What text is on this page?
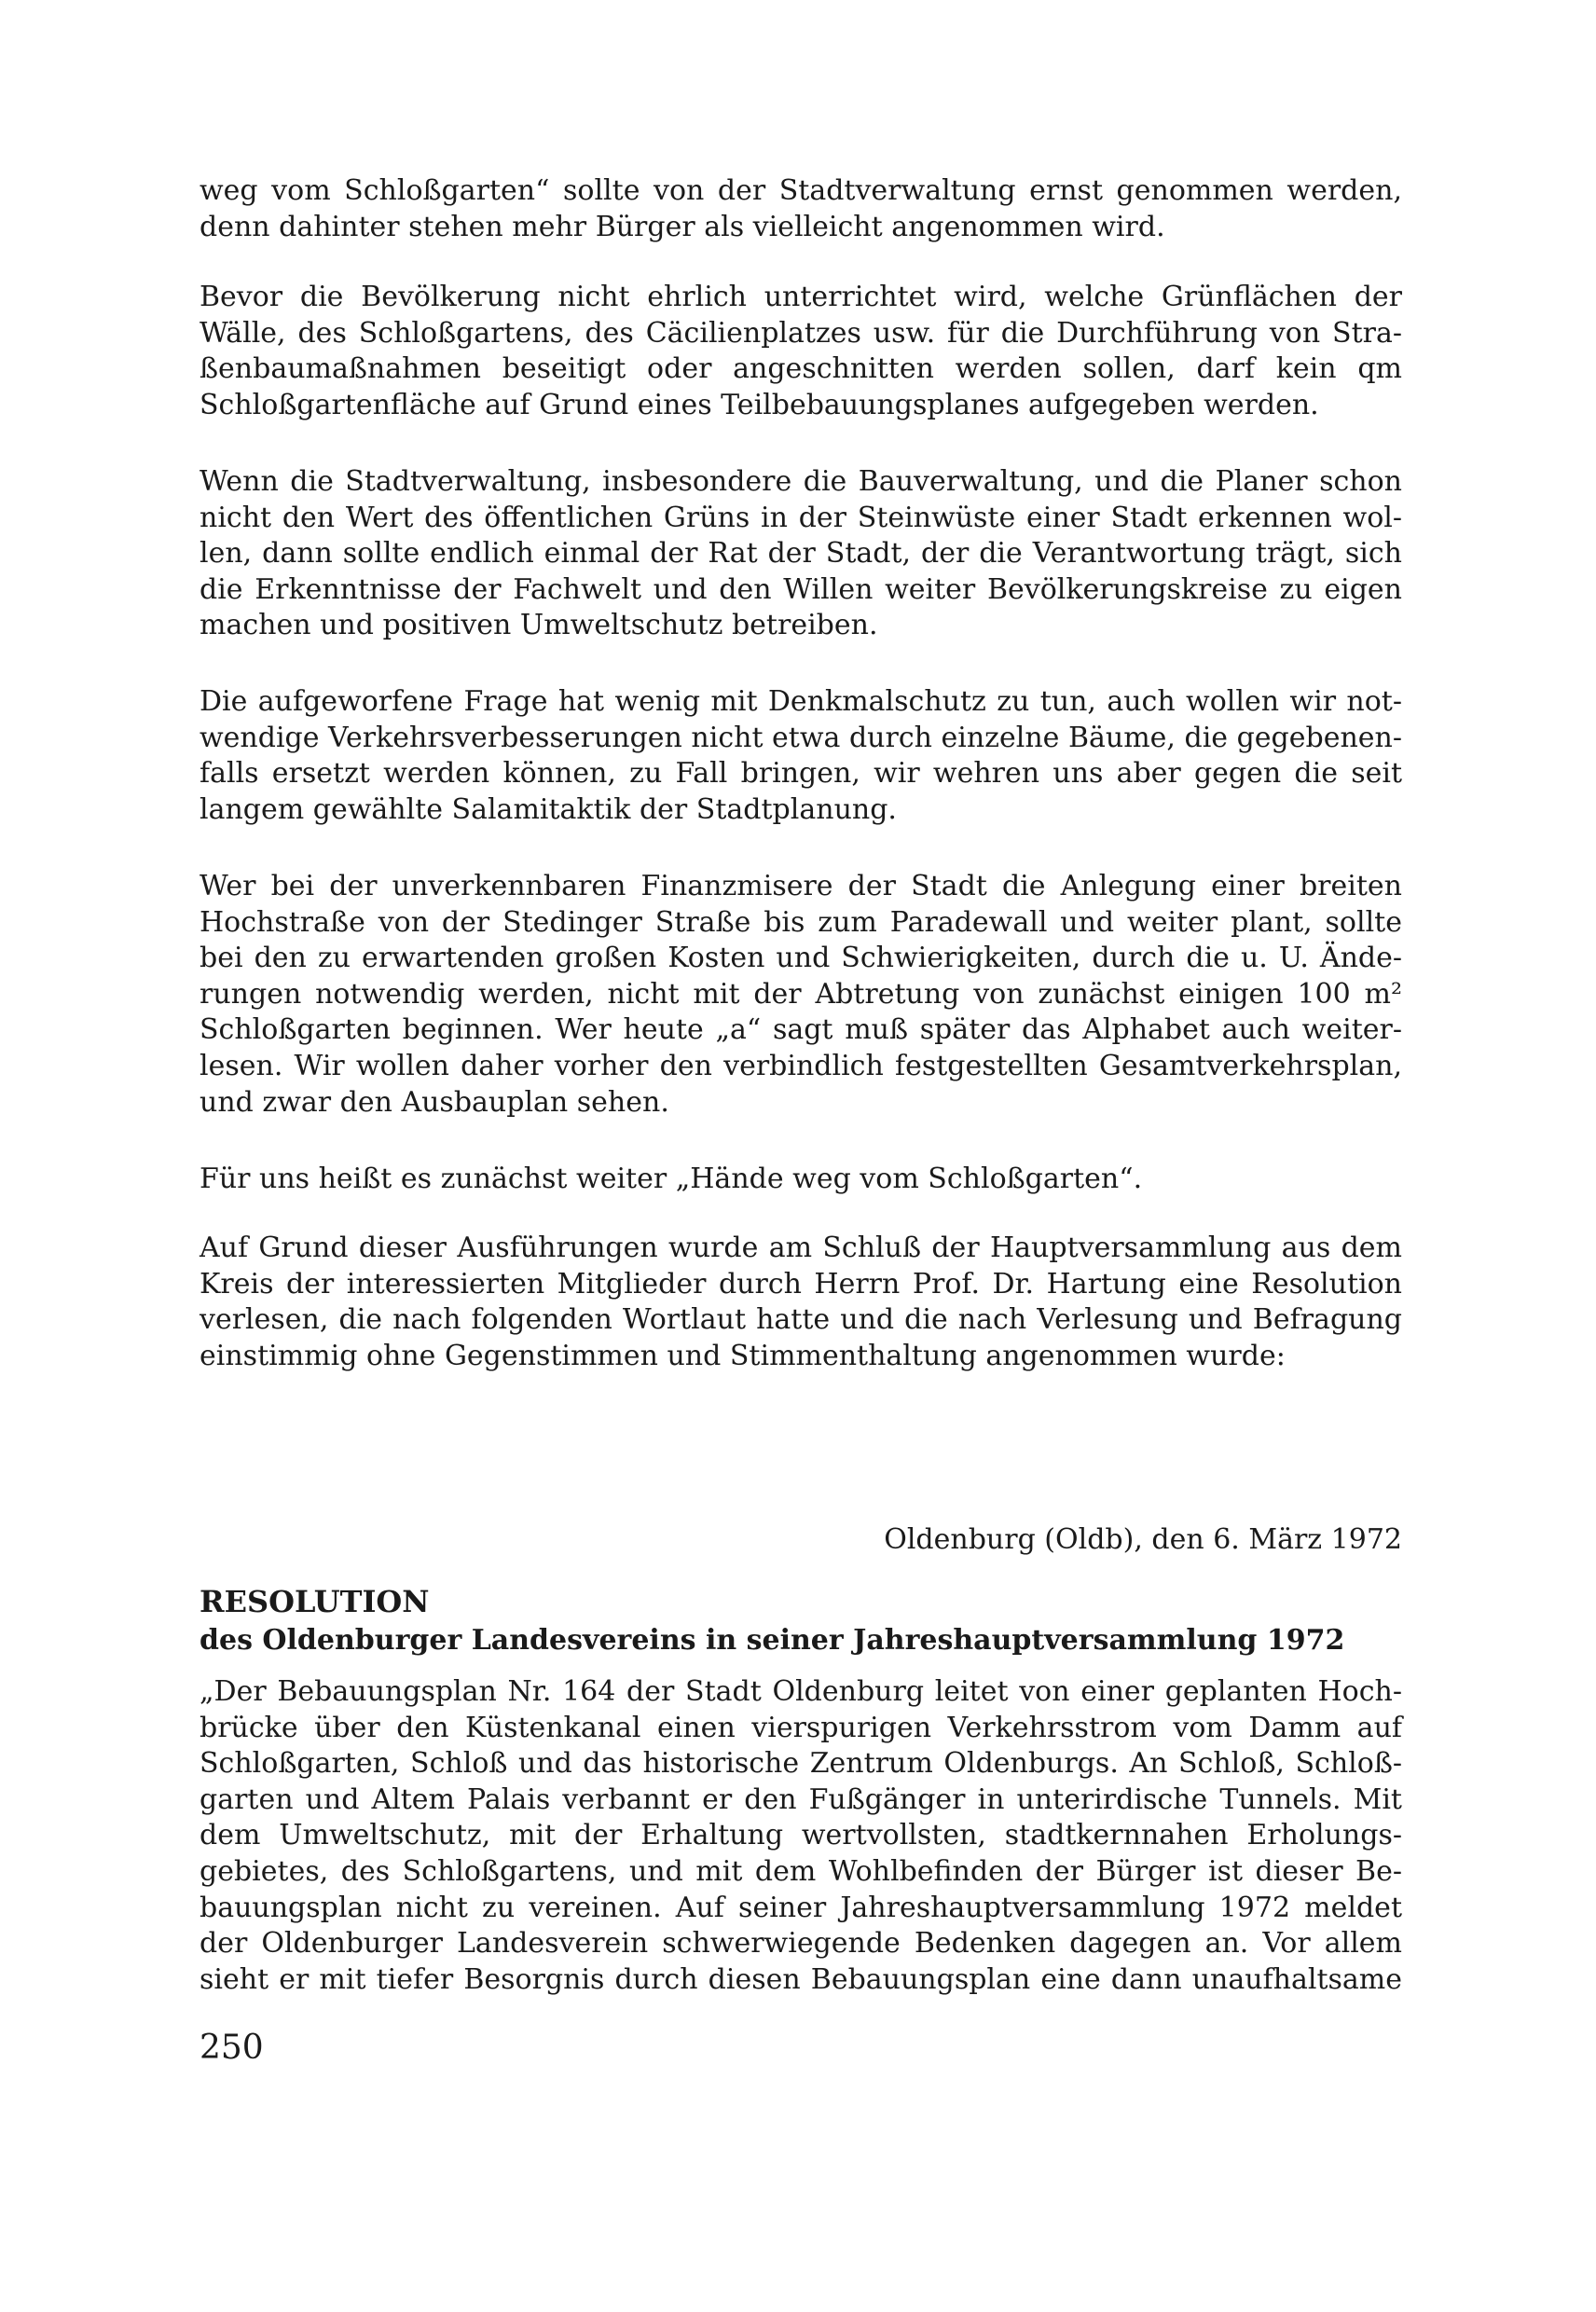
weg vom Schloßgarten“ sollte von der Stadtverwaltung ernst genommen werden,
denn dahinter stehen mehr Bürger als vielleicht angenommen wird.

Bevor die Bevölkerung nicht ehrlich unterrichtet wird, welche Grünflächen der
Wälle, des Schloßgartens, des Cäcilienplatzes usw. für die Durchführung von Stra-
ßenbaumaßnahmen beseitigt oder angeschnitten werden sollen, darf kein qm
Schloßgartenfläche auf Grund eines Teilbebauungsplanes aufgegeben werden.

Wenn die Stadtverwaltung, insbesondere die Bauverwaltung, und die Planer schon
nicht den Wert des öffentlichen Grüns in der Steinwüste einer Stadt erkennen wol-
len, dann sollte endlich einmal der Rat der Stadt, der die Verantwortung trägt, sich
die Erkenntnisse der Fachwelt und den Willen weiter Bevölkerungskreise zu eigen
machen und positiven Umweltschutz betreiben.

Die aufgeworfene Frage hat wenig mit Denkmalschutz zu tun, auch wollen wir not-
wendige Verkehrsverbesserungen nicht etwa durch einzelne Bäume, die gegebenen-
falls ersetzt werden können, zu Fall bringen, wir wehren uns aber gegen die seit
langem gewählte Salamitaktik der Stadtplanung.

Wer bei der unverkennbaren Finanzmisere der Stadt die Anlegung einer breiten
Hochstraße von der Stedinger Straße bis zum Paradewall und weiter plant, sollte
bei den zu erwartenden großen Kosten und Schwierigkeiten, durch die u. U. Ände-
rungen notwendig werden, nicht mit der Abtretung von zunächst einigen 100 m²
Schloßgarten beginnen. Wer heute „a“ sagt muß später das Alphabet auch weiter-
lesen. Wir wollen daher vorher den verbindlich festgestellten Gesamtverkehrsplan,
und zwar den Ausbauplan sehen.

Für uns heißt es zunächst weiter „Hände weg vom Schloßgarten“.

Auf Grund dieser Ausführungen wurde am Schluß der Hauptversammlung aus dem
Kreis der interessierten Mitglieder durch Herrn Prof. Dr. Hartung eine Resolution
verlesen, die nach folgenden Wortlaut hatte und die nach Verlesung und Befragung
einstimmig ohne Gegenstimmen und Stimmenthaltung angenommen wurde:

Oldenburg (Oldb), den 6. März 1972
RESOLUTION
des Oldenburger Landesvereins in seiner Jahreshauptversammlung 1972

„Der Bebauungsplan Nr. 164 der Stadt Oldenburg leitet von einer geplanten Hoch-
brücke über den Küstenkanal einen vierspurigen Verkehrsstrom vom Damm auf
Schloßgarten, Schloß und das historische Zentrum Oldenburgs. An Schloß, Schloß-
garten und Altem Palais verbannt er den Fußgänger in unterirdische Tunnels. Mit
dem Umweltschutz, mit der Erhaltung wertvollsten, stadtkernnahen Erholungs-
gebietes, des Schloßgartens, und mit dem Wohlbefinden der Bürger ist dieser Be-
bauungsplan nicht zu vereinen. Auf seiner Jahreshauptversammlung 1972 meldet
der Oldenburger Landesverein schwerwiegende Bedenken dagegen an. Vor allem
sieht er mit tiefer Besorgnis durch diesen Bebauungsplan eine dann unaufhaltsame

250
